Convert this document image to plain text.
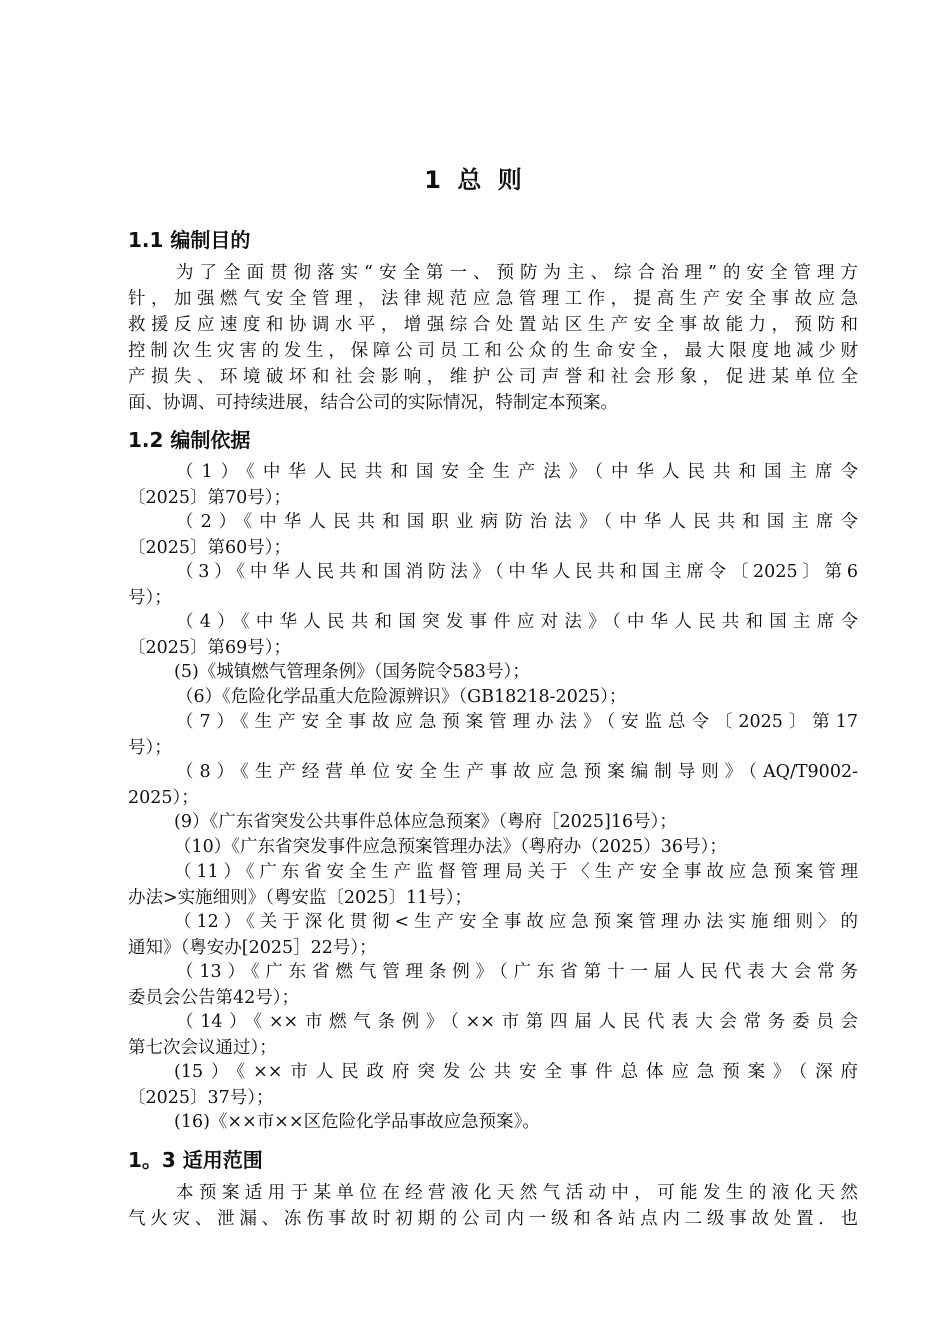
1 总 则
1.1 编制目的
为了全面贯彻落实“安全第一、预防为主、综合治理”的安全管理方
针，加强燃气安全管理，法律规范应急管理工作，提高生产安全事故应急
救援反应速度和协调水平，增强综合处置站区生产安全事故能力，预防和
控制次生灾害的发生，保障公司员工和公众的生命安全，最大限度地减少财
产损失、环境破坏和社会影响，维护公司声誉和社会形象，促进某单位全
面、协调、可持续进展，结合公司的实际情况，特制定本预案。
1.2 编制依据
（1）《中华人民共和国安全生产法》（中华人民共和国主席令
〔2025〕第70号）；
（2）《中华人民共和国职业病防治法》（中华人民共和国主席令
〔2025〕第60号）；
（3）《中华人民共和国消防法》（中华人民共和国主席令〔2025〕第6
号）；
（4）《中华人民共和国突发事件应对法》（中华人民共和国主席令
〔2025〕第69号）；
(5)《城镇燃气管理条例》（国务院令583号）；
（6）《危险化学品重大危险源辨识》（GB18218-2025）；
（7）《生产安全事故应急预案管理办法》（安监总令〔2025〕第17
号）；
（8）《生产经营单位安全生产事故应急预案编制导则》（AQ/T9002-
2025）；
(9）《广东省突发公共事件总体应急预案》（粤府［2025]16号）；
（10）《广东省突发事件应急预案管理办法》（粤府办（2025）36号）；
（11）《广东省安全生产监督管理局关于〈生产安全事故应急预案管理
办法>实施细则》（粤安监〔2025〕11号）；
（12）《关于深化贯彻<生产安全事故应急预案管理办法实施细则〉的
通知》（粤安办[2025］22号）；
（13）《广东省燃气管理条例》（广东省第十一届人民代表大会常务
委员会公告第42号）；
（14）《××市燃气条例》（××市第四届人民代表大会常务委员会
第七次会议通过）；
(15）《××市人民政府突发公共安全事件总体应急预案》（深府
〔2025〕37号）；
(16)《××市××区危险化学品事故应急预案》。
1。3 适用范围
本预案适用于某单位在经营液化天然气活动中，可能发生的液化天然
气火灾、泄漏、冻伤事故时初期的公司内一级和各站点内二级事故处置．也
